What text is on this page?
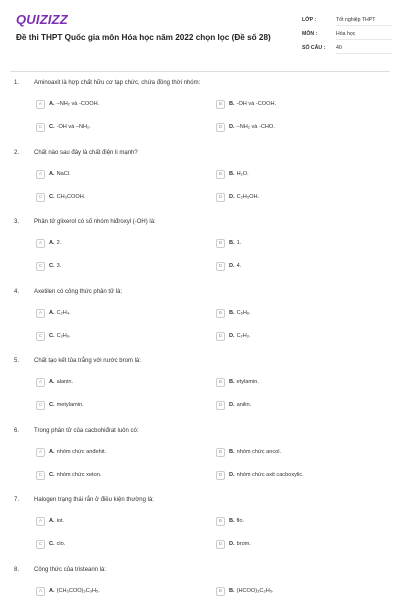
QUIZIZZ
Đề thi THPT Quốc gia môn Hóa học năm 2022 chọn lọc (Đề số 28)
LỚP :	Tốt nghiệp THPT
MÔN :	Hóa học
SỐ CÂU :	40
1. Aminoaxit là hợp chất hữu cơ tạp chức, chứa đồng thời nhóm:
A	A. –NH₂ và -COOH.	B	B. -OH và -COOH.
C	C. -OH và –NH₂.	D	D. –NH₂ và -CHO.
2. Chất nào sau đây là chất điện li mạnh?
A	A. NaCl.	B	B. H₂O.
C	C. CH₃COOH.	D	D. C₂H₅OH.
3. Phân tử glixerol có số nhóm hiđroxyl (-OH) là:
A	A. 2.	B	B. 1.
C	C. 3.	D	D. 4.
4. Axetilen có công thức phân tử là:
A	A. C₂H₄.	B	B. C₆H₆.
C	C. C₂H₆.	D	D. C₂H₂.
5. Chất tạo kết tủa trắng với nước brom là:
A	A. alanin.	B	B. etylamin.
C	C. metylamin.	D	D. anilin.
6. Trong phân tử của cacbohiđrat luôn có:
A	A. nhóm chức anđehit.	B	B. nhóm chức ancol.
C	C. nhóm chức xeton.	D	D. nhóm chức axit cacboxylic.
7. Halogen trạng thái rắn ở điều kiện thường là:
A	A. iot.	B	B. flo.
C	C. clo.	D	D. brom.
8. Công thức của tristearin là:
A	A. (CH₃COO)₃C₃H₅.	B	B. (HCOO)₃C₃H₅.
